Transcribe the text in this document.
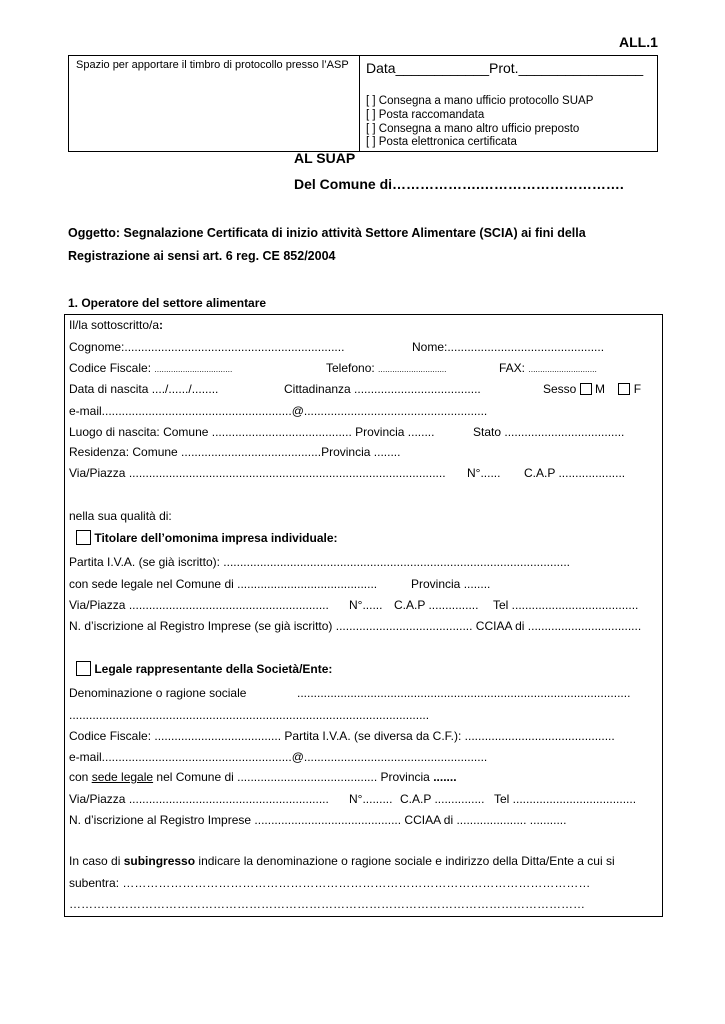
ALL.1
Spazio per apportare il timbro di protocollo presso l’ASP Data____________Prot.________________
[ ] Consegna a mano ufficio protocollo SUAP
[ ] Posta raccomandata
[ ] Consegna a mano altro ufficio preposto
[ ] Posta elettronica certificata
AL SUAP
Del Comune di……………….………………………….
Oggetto: Segnalazione Certificata di inizio attività Settore Alimentare (SCIA) ai fini della
Registrazione ai sensi art. 6 reg. CE 852/2004
1. Operatore del settore alimentare
Il/la sottoscritto/a:
Cognome:..................................................................	Nome:...............................................
Codice Fiscale: .................................	Telefono: .............................	FAX: .............................
Data di nascita ..../....../........	Cittadinanza ......................................	Sesso M F
e-mail.........................................................@.......................................................
Luogo di nascita: Comune .......................................... Provincia ........	Stato ....................................
Residenza: Comune ..........................................Provincia ........
Via/Piazza ............................................................................................... N°...... C.A.P ....................
nella sua qualità di:
Titolare dell’omonima impresa individuale:
Partita I.V.A. (se già iscritto): ........................................................................................................
con sede legale nel Comune di ..........................................	Provincia ........
Via/Piazza ............................................................ N°...... C.A.P ............... Tel ......................................
N. d’iscrizione al Registro Imprese (se già iscritto) ......................................... CCIAA di ..................................
Legale rappresentante della Società/Ente:
Denominazione o ragione sociale	....................................................................................................
............................................................................................................
Codice Fiscale: ...................................... Partita I.V.A. (se diversa da C.F.): .............................................
e-mail.........................................................@.......................................................
con sede legale nel Comune di .......................................... Provincia .......
Via/Piazza ............................................................ N°......... C.A.P ............... Tel .....................................
N. d’iscrizione al Registro Imprese ............................................ CCIAA di ..................... ...........
In caso di subingresso indicare la denominazione o ragione sociale e indirizzo della Ditta/Ente a cui si
subentra: ………………………………………………………………………………………………………
…………………………………………………………………………………………………………………
